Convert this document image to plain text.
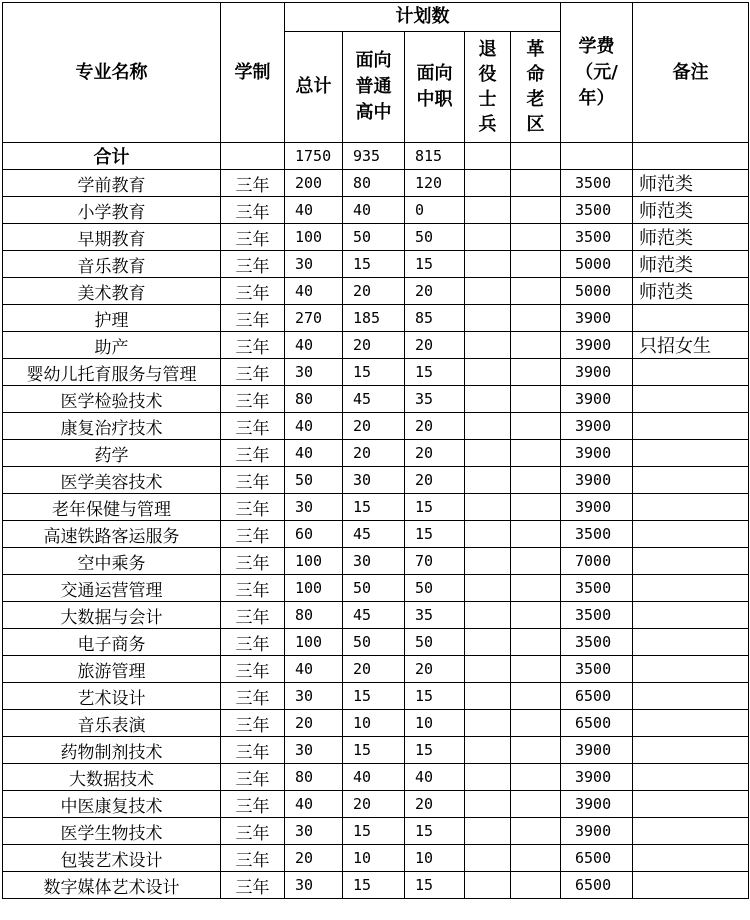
专业名称	学制	计划数					学费（元/年）	备注
		总计	面向普通高中	面向中职	退役士兵	革命老区		
合计		1750	935	815				
学前教育	三年	200	80	120			3500	师范类
小学教育	三年	40	40	0			3500	师范类
早期教育	三年	100	50	50			3500	师范类
音乐教育	三年	30	15	15			5000	师范类
美术教育	三年	40	20	20			5000	师范类
护理	三年	270	185	85			3900	
助产	三年	40	20	20			3900	只招女生
婴幼儿托育服务与管理	三年	30	15	15			3900	
医学检验技术	三年	80	45	35			3900	
康复治疗技术	三年	40	20	20			3900	
药学	三年	40	20	20			3900	
医学美容技术	三年	50	30	20			3900	
老年保健与管理	三年	30	15	15			3900	
高速铁路客运服务	三年	60	45	15			3500	
空中乘务	三年	100	30	70			7000	
交通运营管理	三年	100	50	50			3500	
大数据与会计	三年	80	45	35			3500	
电子商务	三年	100	50	50			3500	
旅游管理	三年	40	20	20			3500	
艺术设计	三年	30	15	15			6500	
音乐表演	三年	20	10	10			6500	
药物制剂技术	三年	30	15	15			3900	
大数据技术	三年	80	40	40			3900	
中医康复技术	三年	40	20	20			3900	
医学生物技术	三年	30	15	15			3900	
包装艺术设计	三年	20	10	10			6500	
数字媒体艺术设计	三年	30	15	15			6500	
